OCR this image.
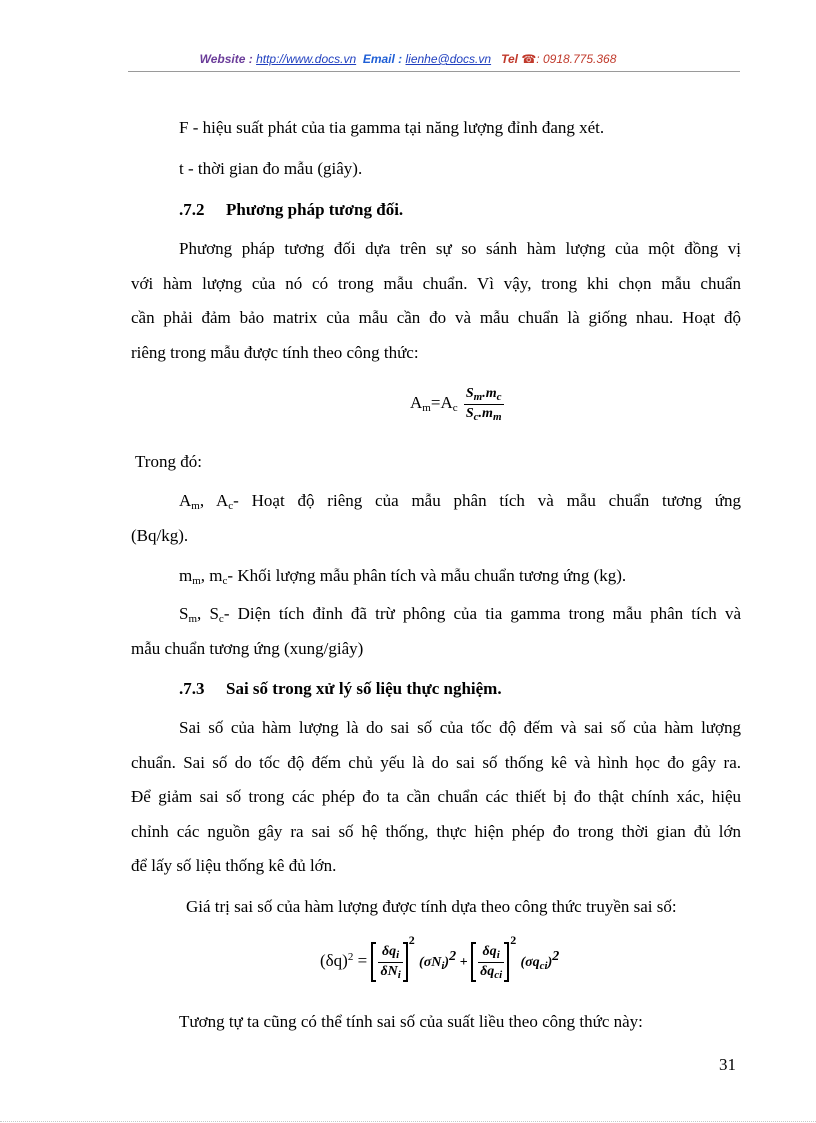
Website : http://www.docs.vn Email : lienhe@docs.vn Tel ☎: 0918.775.368
F - hiệu suất phát của tia gamma tại năng lượng đỉnh đang xét.
t - thời gian đo mẫu (giây).
.7.2 Phương pháp tương đối.
Phương pháp tương đối dựa trên sự so sánh hàm lượng của một đồng vị
với hàm lượng của nó có trong mẫu chuẩn. Vì vậy, trong khi chọn mẫu chuẩn
cần phải đảm bảo matrix của mẫu cần đo và mẫu chuẩn là giống nhau. Hoạt độ
riêng trong mẫu được tính theo công thức:
$A_m=A_c \frac{S_m.m_c}{S_c.m_m}$
Trong đó:
$A_m$, $A_c-$ Hoạt độ riêng của mẫu phân tích và mẫu chuẩn tương ứng
(Bq/kg).
$m_m$, $m_c-$ Khối lượng mẫu phân tích và mẫu chuẩn tương ứng (kg).
$S_m$, $S_c-$ Diện tích đỉnh đã trừ phông của tia gamma trong mẫu phân tích và
mẫu chuẩn tương ứng (xung/giây)
.7.3 Sai số trong xử lý số liệu thực nghiệm.
Sai số của hàm lượng là do sai số của tốc độ đếm và sai số của hàm lượng
chuẩn. Sai số do tốc độ đếm chủ yếu là do sai số thống kê và hình học đo gây ra.
Để giảm sai số trong các phép đo ta cần chuẩn các thiết bị đo thật chính xác, hiệu
chỉnh các nguồn gây ra sai số hệ thống, thực hiện phép đo trong thời gian đủ lớn
để lấy số liệu thống kê đủ lớn.
Giá trị sai số của hàm lượng được tính dựa theo công thức truyền sai số:
$(\delta q)^2 = \frac{\delta q_i}{\delta N_i}$
$^2$ $(\sigma N_i)^2 + \frac{\delta q_i}{\delta q_{ci}}$
$^2$ $(\sigma q_{ci})^2$
Tương tự ta cũng có thể tính sai số của suất liều theo công thức này:
31
